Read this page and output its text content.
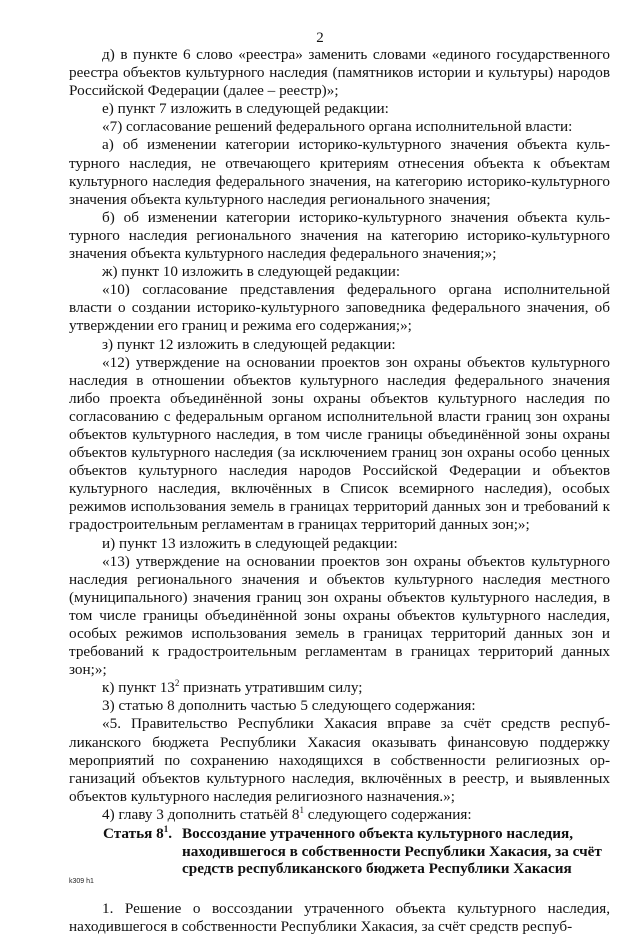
2

д) в пункте 6 слово «реестра» заменить словами «единого государственного реестра объектов культурного наследия (памятников истории и культуры) народов Российской Федерации (далее – реестр)»;

е) пункт 7 изложить в следующей редакции:

«7) согласование решений федерального органа исполнительной власти:

а) об изменении категории историко-культурного значения объекта культурного наследия, не отвечающего критериям отнесения объекта к объектам культурного наследия федерального значения, на категорию историко-культурного значения объекта культурного наследия регионального значения;

б) об изменении категории историко-культурного значения объекта культурного наследия регионального значения на категорию историко-культурного значения объекта культурного наследия федерального значения;»;

ж) пункт 10 изложить в следующей редакции:

«10) согласование представления федерального органа исполнительной власти о создании историко-культурного заповедника федерального значения, об утверждении его границ и режима его содержания;»;

з) пункт 12 изложить в следующей редакции:

«12) утверждение на основании проектов зон охраны объектов культурного наследия в отношении объектов культурного наследия федерального значения либо проекта объединённой зоны охраны объектов культурного наследия по согласованию с федеральным органом исполнительной власти границ зон охраны объектов культурного наследия, в том числе границы объединённой зоны охраны объектов культурного наследия (за исключением границ зон охраны особо ценных объектов культурного наследия народов Российской Федерации и объектов культурного наследия, включённых в Список всемирного наследия), особых режимов использования земель в границах территорий данных зон и требований к градостроительным регламентам в границах территорий данных зон;»;

и) пункт 13 изложить в следующей редакции:

«13) утверждение на основании проектов зон охраны объектов культурного наследия регионального значения и объектов культурного наследия местного (муниципального) значения границ зон охраны объектов культурного наследия, в том числе границы объединённой зоны охраны объектов культурного наследия, особых режимов использования земель в границах территорий данных зон и требований к градостроительным регламентам в границах территорий данных зон;»;

к) пункт $13^2$ признать утратившим силу;

3) статью 8 дополнить частью 5 следующего содержания:

«5. Правительство Республики Хакасия вправе за счёт средств республиканского бюджета Республики Хакасия оказывать финансовую поддержку мероприятий по сохранению находящихся в собственности религиозных организаций объектов культурного наследия, включённых в реестр, и выявленных объектов культурного наследия религиозного назначения.»;

4) главу 3 дополнить статьёй $8^1$ следующего содержания:

Статья $8^1$. Воссоздание утраченного объекта культурного наследия, находившегося в собственности Республики Хакасия, за счёт средств республиканского бюджета Республики Хакасия

1. Решение о воссоздании утраченного объекта культурного наследия, находившегося в собственности Республики Хакасия, за счёт средств респуб-

k309 h1
